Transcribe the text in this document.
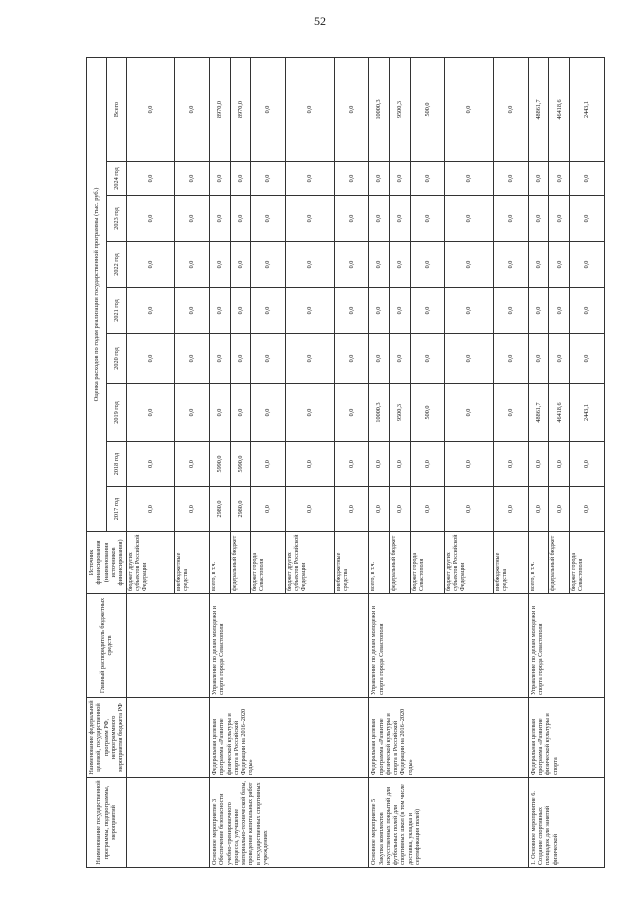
52
Наименование государственной программы, подпрограммы, мероприятий	Наименование федеральной целевой, государственной программ РФ, непрограммного мероприятия бюджета РФ	Главный распорядитель бюджетных средств	Источник финансирования (наименования источников финансирования)	Оценка расходов по годам реализации государственной программы (тыс. руб.)								
				2017 год	2018 год	2019 год	2020 год	2021 год	2022 год	2023 год	2024 год	Всего
			бюджет других субъектов Российской Федерации	0,0	0,0	0,0	0,0	0,0	0,0	0,0	0,0	0,0
			внебюджетные средства	0,0	0,0	0,0	0,0	0,0	0,0	0,0	0,0	0,0
Основное мероприятие 3 Обеспечение безопасности учебно-тренировочного процесса, улучшение материально-технической базы, проведение капитальных работ в государственных спортивных учреждениях	Федеральная целевая программа «Развитие физической культуры и спорта в Российской Федерации на 2016–2020 годы»	Управление по делам молодежи и спорта города Севастополя	всего, в т.ч.	2980,0	5990,0	0,0	0,0	0,0	0,0	0,0	0,0	8970,0
			федеральный бюджет	2980,0	5990,0	0,0	0,0	0,0	0,0	0,0	0,0	8970,0
			бюджет города Севастополя	0,0	0,0	0,0	0,0	0,0	0,0	0,0	0,0	0,0
			бюджет других субъектов Российской Федерации	0,0	0,0	0,0	0,0	0,0	0,0	0,0	0,0	0,0
			внебюджетные средства	0,0	0,0	0,0	0,0	0,0	0,0	0,0	0,0	0,0
Основное мероприятие 5 Закупка комплектов искусственных покрытий для футбольных полей для спортивных школ (в том числе доставка, укладка и сертификация полей)	Федеральная целевая программа «Развитие физической культуры и спорта в Российской Федерации на 2016–2020 годы»	Управление по делам молодежи и спорта города Севастополя	всего, в т.ч.	0,0	0,0	10000,3	0,0	0,0	0,0	0,0	0,0	10000,3
			федеральный бюджет	0,0	0,0	9500,3	0,0	0,0	0,0	0,0	0,0	9500,3
			бюджет города Севастополя	0,0	0,0	500,0	0,0	0,0	0,0	0,0	0,0	500,0
			бюджет других субъектов Российской Федерации	0,0	0,0	0,0	0,0	0,0	0,0	0,0	0,0	0,0
			внебюджетные средства	0,0	0,0	0,0	0,0	0,0	0,0	0,0	0,0	0,0
1. Основное мероприятие 6. Создание спортивных площадок для занятий физической	Федеральная целевая программа «Развитие физической культуры и спорта	Управление по делам молодежи и спорта города Севастополя	всего, в т.ч.	0,0	0,0	48861,7	0,0	0,0	0,0	0,0	0,0	48861,7
			федеральный бюджет	0,0	0,0	46418,6	0,0	0,0	0,0	0,0	0,0	46418,6
			бюджет города Севастополя	0,0	0,0	2443,1	0,0	0,0	0,0	0,0	0,0	2443,1
